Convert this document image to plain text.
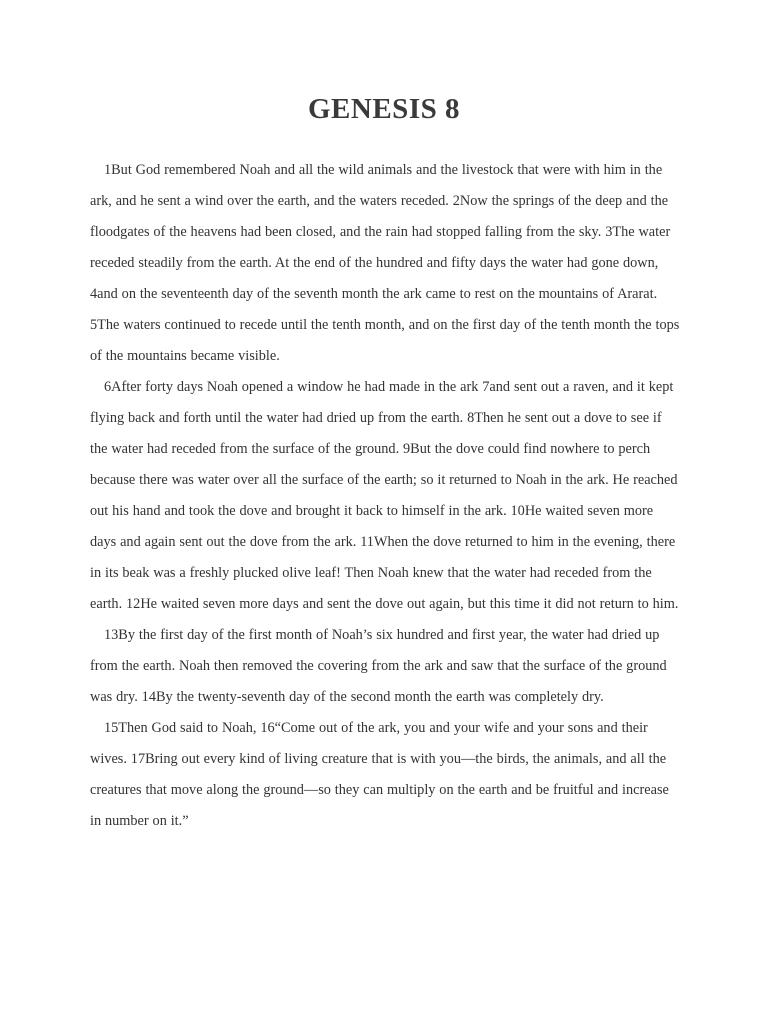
GENESIS 8

1But God remembered Noah and all the wild animals and the livestock that were with him in the ark, and he sent a wind over the earth, and the waters receded. 2Now the springs of the deep and the floodgates of the heavens had been closed, and the rain had stopped falling from the sky. 3The water receded steadily from the earth. At the end of the hundred and fifty days the water had gone down, 4and on the seventeenth day of the seventh month the ark came to rest on the mountains of Ararat. 5The waters continued to recede until the tenth month, and on the first day of the tenth month the tops of the mountains became visible.

6After forty days Noah opened a window he had made in the ark 7and sent out a raven, and it kept flying back and forth until the water had dried up from the earth. 8Then he sent out a dove to see if the water had receded from the surface of the ground. 9But the dove could find nowhere to perch because there was water over all the surface of the earth; so it returned to Noah in the ark. He reached out his hand and took the dove and brought it back to himself in the ark. 10He waited seven more days and again sent out the dove from the ark. 11When the dove returned to him in the evening, there in its beak was a freshly plucked olive leaf! Then Noah knew that the water had receded from the earth. 12He waited seven more days and sent the dove out again, but this time it did not return to him.

13By the first day of the first month of Noah’s six hundred and first year, the water had dried up from the earth. Noah then removed the covering from the ark and saw that the surface of the ground was dry. 14By the twenty-seventh day of the second month the earth was completely dry.

15Then God said to Noah, 16“Come out of the ark, you and your wife and your sons and their wives. 17Bring out every kind of living creature that is with you—the birds, the animals, and all the creatures that move along the ground—so they can multiply on the earth and be fruitful and increase in number on it.”
